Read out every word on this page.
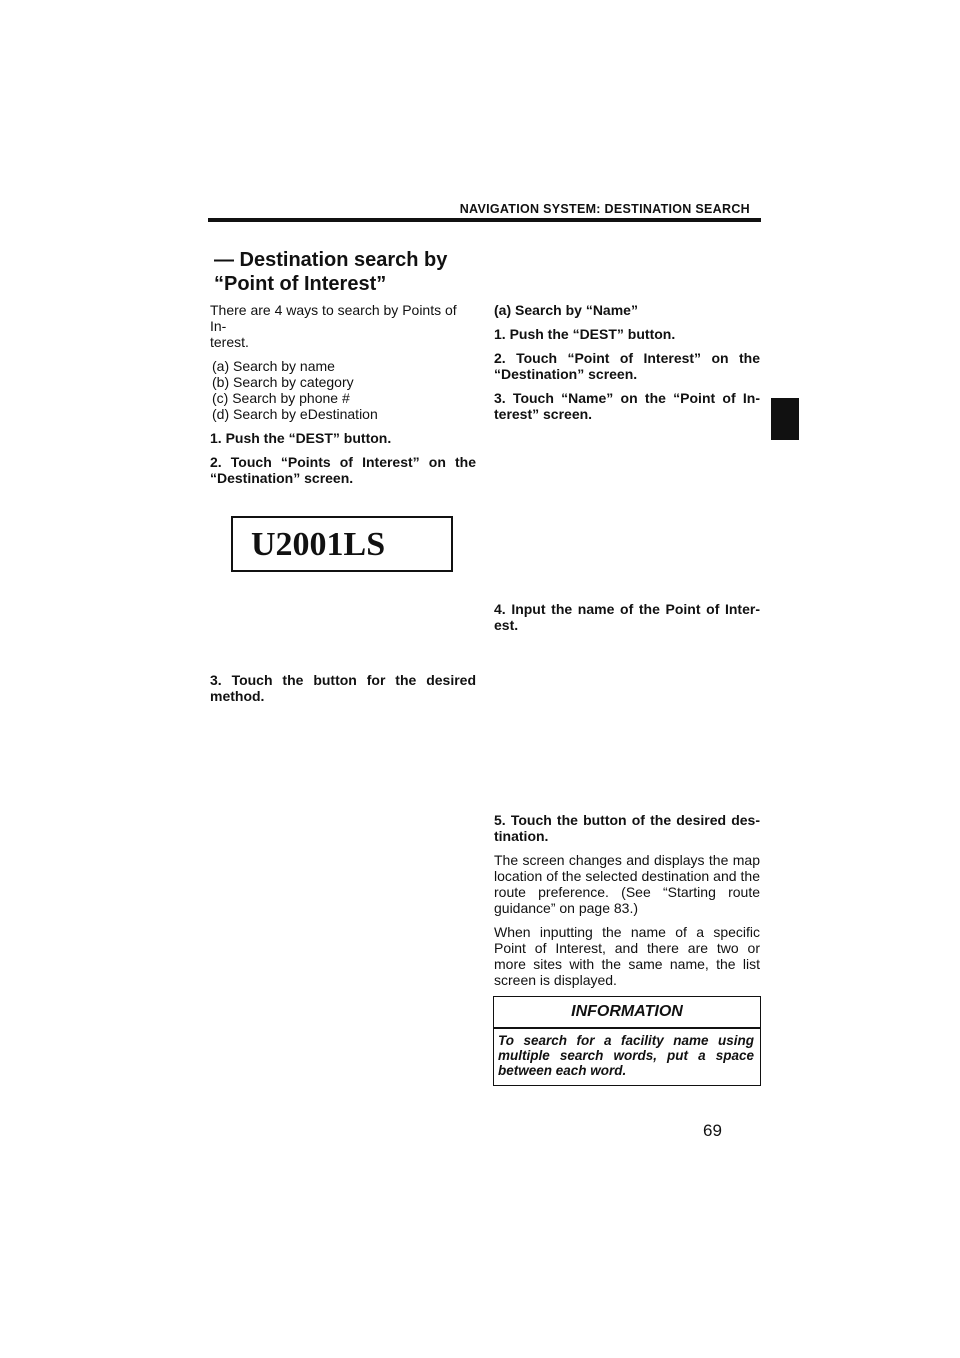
NAVIGATION SYSTEM: DESTINATION SEARCH
— Destination search by
“Point of Interest”
There are 4 ways to search by Points of In-
terest.
(a) Search by name
(b) Search by category
(c) Search by phone #
(d) Search by eDestination
1. Push the “DEST” button.
2. Touch “Points of Interest” on the “Destination” screen.
3. Touch the button for the desired method.
U2001LS
(a) Search by “Name”
1. Push the “DEST” button.
2. Touch “Point of Interest” on the “Destination” screen.
3. Touch “Name” on the “Point of In- terest” screen.
4. Input the name of the Point of Inter- est.
5. Touch the button of the desired des- tination.
The screen changes and displays the map location of the selected destination and the route preference. (See “Starting route guidance” on page 83.)
When inputting the name of a specific Point of Interest, and there are two or more sites with the same name, the list screen is displayed.
INFORMATION
To search for a facility name using multiple search words, put a space between each word.
69
